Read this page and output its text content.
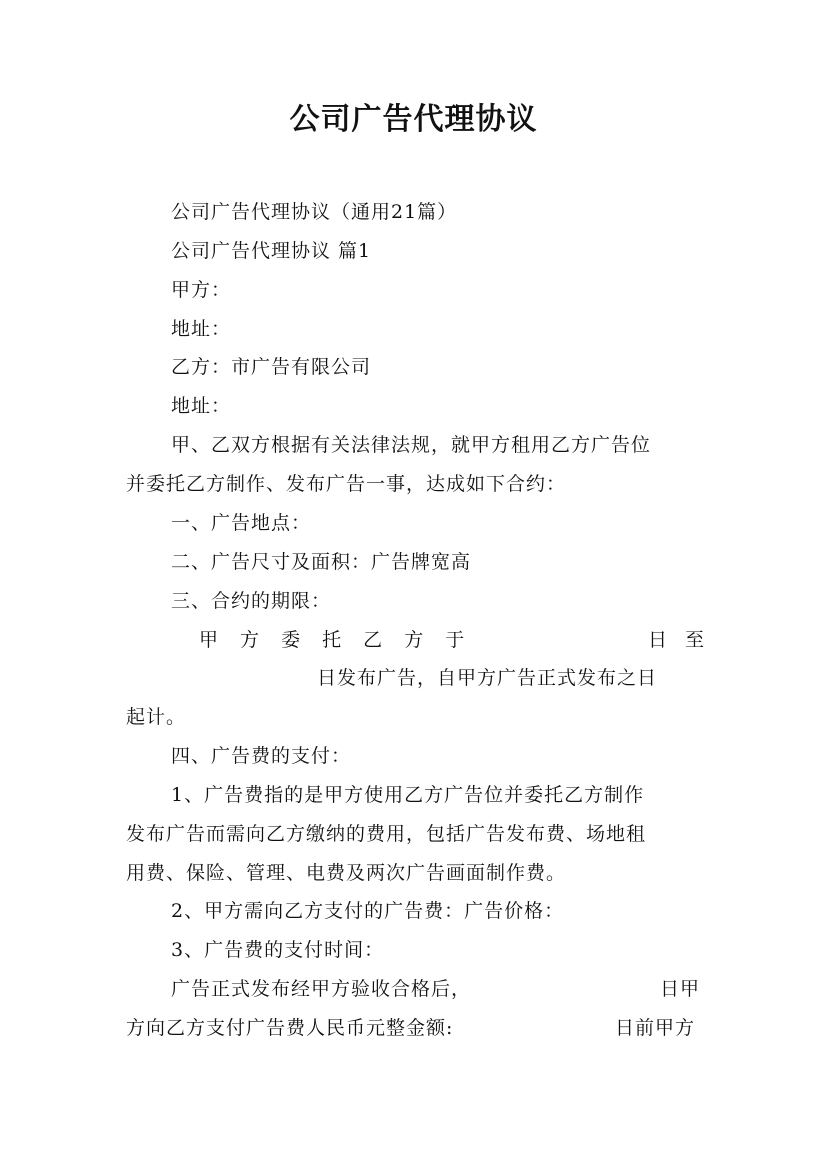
公司广告代理协议
公司广告代理协议（通用21篇）
公司广告代理协议 篇1
甲方：
地址：
乙方：市广告有限公司
地址：
甲、乙双方根据有关法律法规，就甲方租用乙方广告位
并委托乙方制作、发布广告一事，达成如下合约：
一、广告地点：
二、广告尺寸及面积：广告牌宽高
三、合约的期限：
甲 方 委 托 乙 方 于	日 至
日发布广告，自甲方广告正式发布之日
起计。
四、广告费的支付：
1、广告费指的是甲方使用乙方广告位并委托乙方制作
发布广告而需向乙方缴纳的费用，包括广告发布费、场地租
用费、保险、管理、电费及两次广告画面制作费。
2、甲方需向乙方支付的广告费：广告价格：
3、广告费的支付时间：
广告正式发布经甲方验收合格后，	日甲
方向乙方支付广告费人民币元整金额:	日前甲方
